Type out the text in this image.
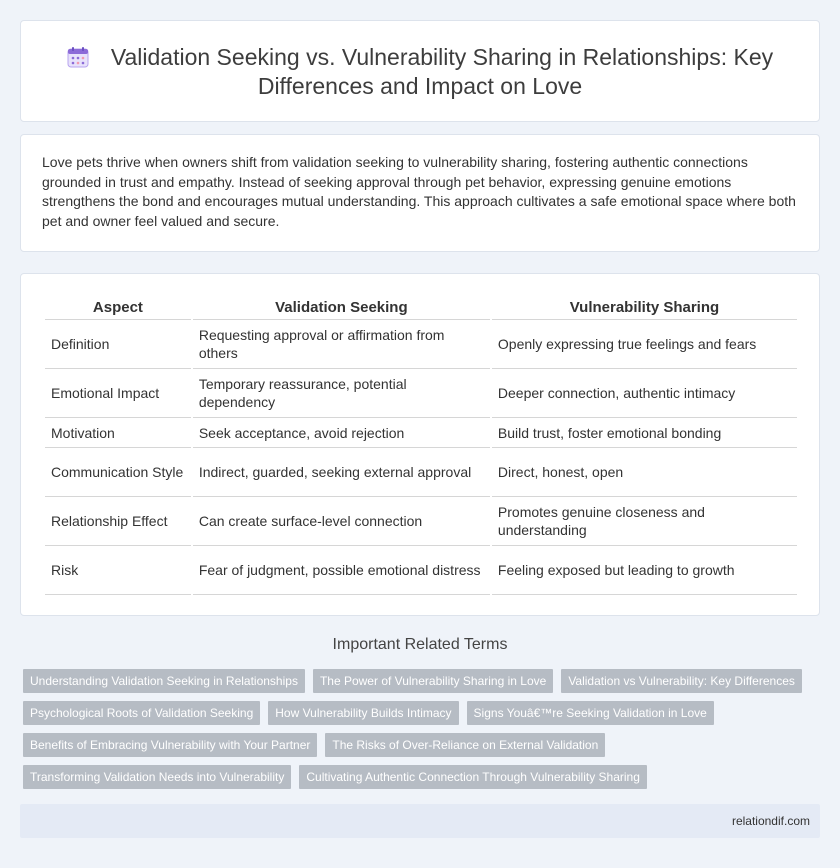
Validation Seeking vs. Vulnerability Sharing in Relationships: Key Differences and Impact on Love

Love pets thrive when owners shift from validation seeking to vulnerability sharing, fostering authentic connections grounded in trust and empathy. Instead of seeking approval through pet behavior, expressing genuine emotions strengthens the bond and encourages mutual understanding. This approach cultivates a safe emotional space where both pet and owner feel valued and secure.

Aspect	Validation Seeking	Vulnerability Sharing
Definition	Requesting approval or affirmation from others	Openly expressing true feelings and fears
Emotional Impact	Temporary reassurance, potential dependency	Deeper connection, authentic intimacy
Motivation	Seek acceptance, avoid rejection	Build trust, foster emotional bonding
Communication Style	Indirect, guarded, seeking external approval	Direct, honest, open
Relationship Effect	Can create surface-level connection	Promotes genuine closeness and understanding
Risk	Fear of judgment, possible emotional distress	Feeling exposed but leading to growth
Important Related Terms
Understanding Validation Seeking in Relationships	The Power of Vulnerability Sharing in Love	Validation vs Vulnerability: Key Differences
Psychological Roots of Validation Seeking	How Vulnerability Builds Intimacy	Signs Youâ€™re Seeking Validation in Love
Benefits of Embracing Vulnerability with Your Partner	The Risks of Over-Reliance on External Validation
Transforming Validation Needs into Vulnerability	Cultivating Authentic Connection Through Vulnerability Sharing
relationdif.com
